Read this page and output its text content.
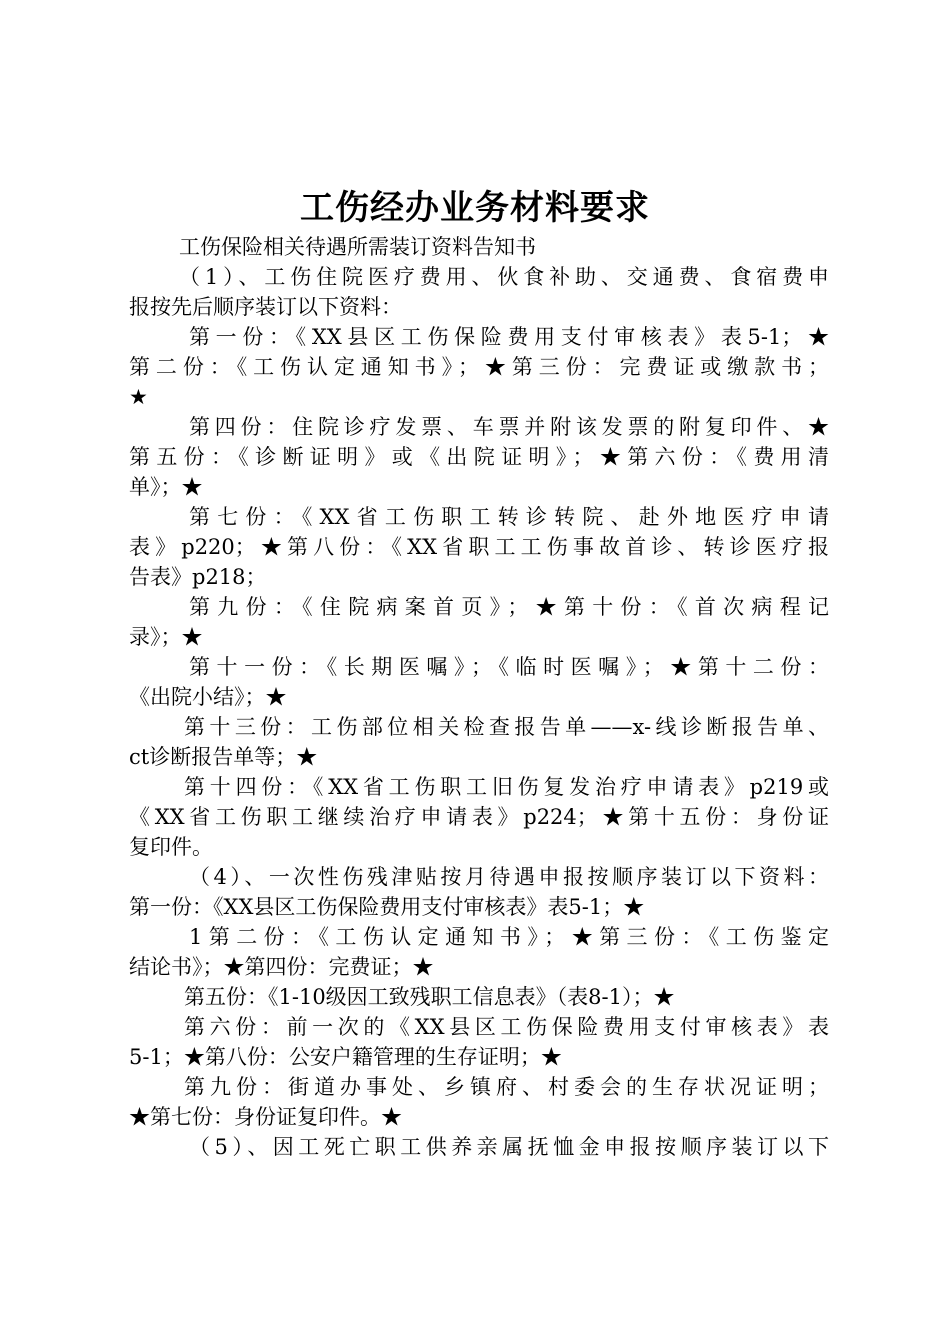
工伤经办业务材料要求
工伤保险相关待遇所需装订资料告知书
（1）、工伤住院医疗费用、伙食补助、交通费、食宿费申
报按先后顺序装订以下资料：
第一份：《XX县区工伤保险费用支付审核表》表5-1；★
第二份：《工伤认定通知书》；★第三份：完费证或缴款书；
★
第四份：住院诊疗发票、车票并附该发票的附复印件、★
第五份：《诊断证明》或《出院证明》；★第六份：《费用清
单》；★
第七份：《XX省工伤职工转诊转院、赴外地医疗申请
表》p220；★第八份：《XX省职工工伤事故首诊、转诊医疗报
告表》p218；
第九份：《住院病案首页》；★第十份：《首次病程记
录》；★
第十一份：《长期医嘱》；《临时医嘱》；★第十二份：
《出院小结》；★
第十三份：工伤部位相关检查报告单——x-线诊断报告单、
ct诊断报告单等；★
第十四份：《XX省工伤职工旧伤复发治疗申请表》p219或
《XX省工伤职工继续治疗申请表》p224；★第十五份：身份证
复印件。
（4）、一次性伤残津贴按月待遇申报按顺序装订以下资料：
第一份：《XX县区工伤保险费用支付审核表》表5-1；★
1第二份：《工伤认定通知书》；★第三份：《工伤鉴定
结论书》；★第四份：完费证；★
第五份：《1-10级因工致残职工信息表》（表8-1）；★
第六份：前一次的《XX县区工伤保险费用支付审核表》表
5-1；★第八份：公安户籍管理的生存证明；★
第九份：街道办事处、乡镇府、村委会的生存状况证明；
★第七份：身份证复印件。★
（5）、因工死亡职工供养亲属抚恤金申报按顺序装订以下
